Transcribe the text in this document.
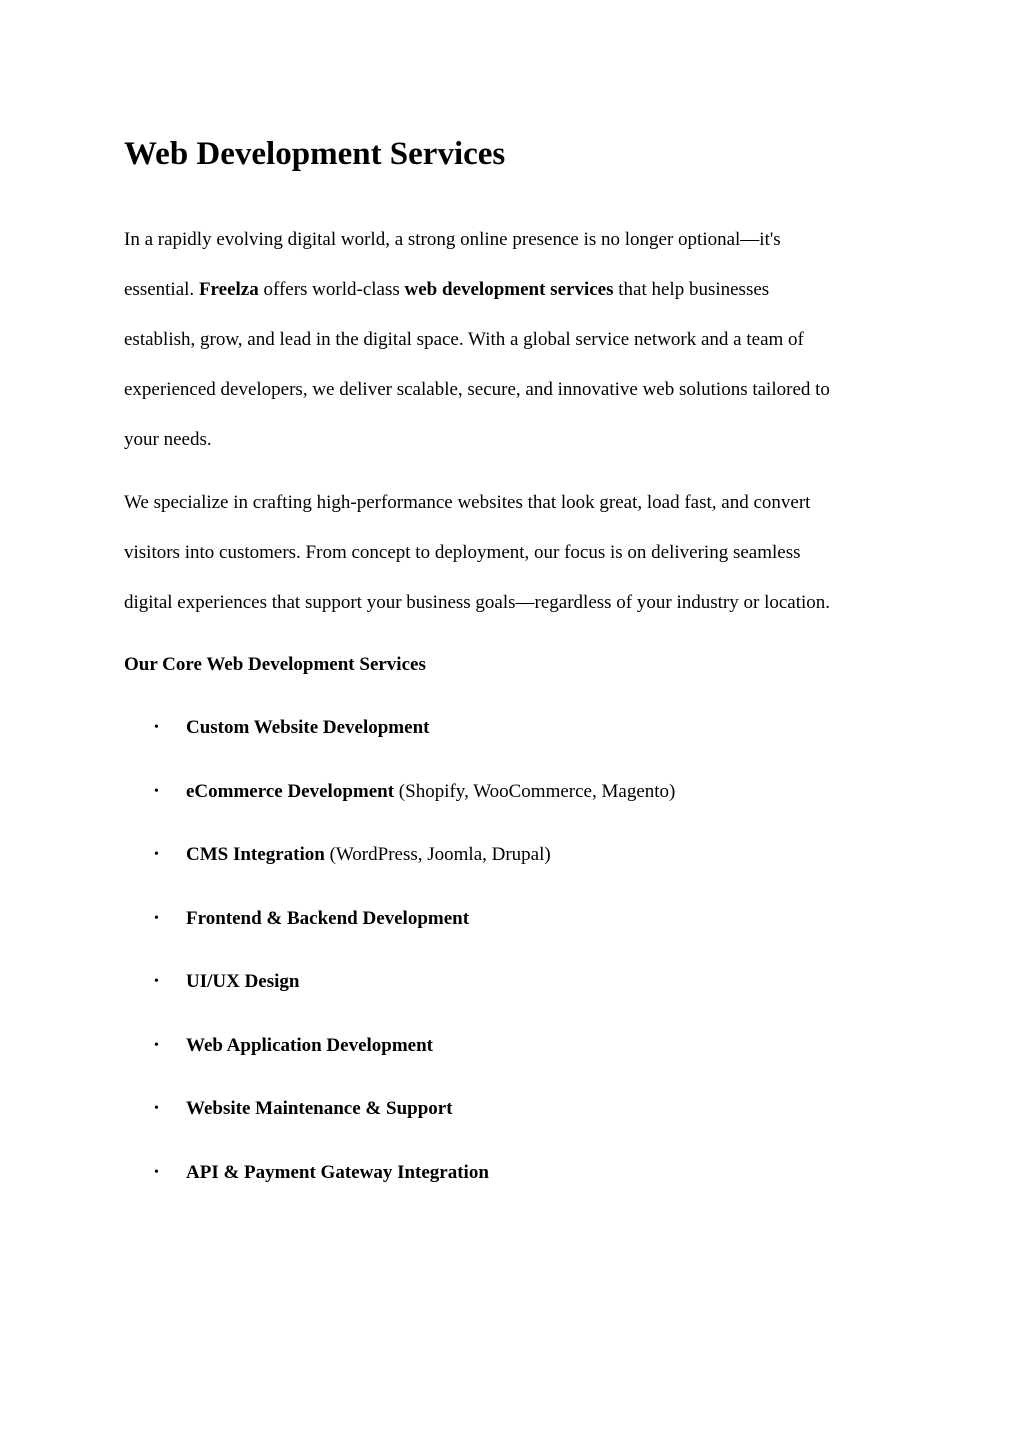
Web Development Services

In a rapidly evolving digital world, a strong online presence is no longer optional—it's
essential. Freelza offers world-class web development services that help businesses
establish, grow, and lead in the digital space. With a global service network and a team of
experienced developers, we deliver scalable, secure, and innovative web solutions tailored to
your needs.

We specialize in crafting high-performance websites that look great, load fast, and convert
visitors into customers. From concept to deployment, our focus is on delivering seamless
digital experiences that support your business goals—regardless of your industry or location.

Our Core Web Development Services
• Custom Website Development
• eCommerce Development (Shopify, WooCommerce, Magento)
• CMS Integration (WordPress, Joomla, Drupal)
• Frontend & Backend Development
• UI/UX Design
• Web Application Development
• Website Maintenance & Support
• API & Payment Gateway Integration
